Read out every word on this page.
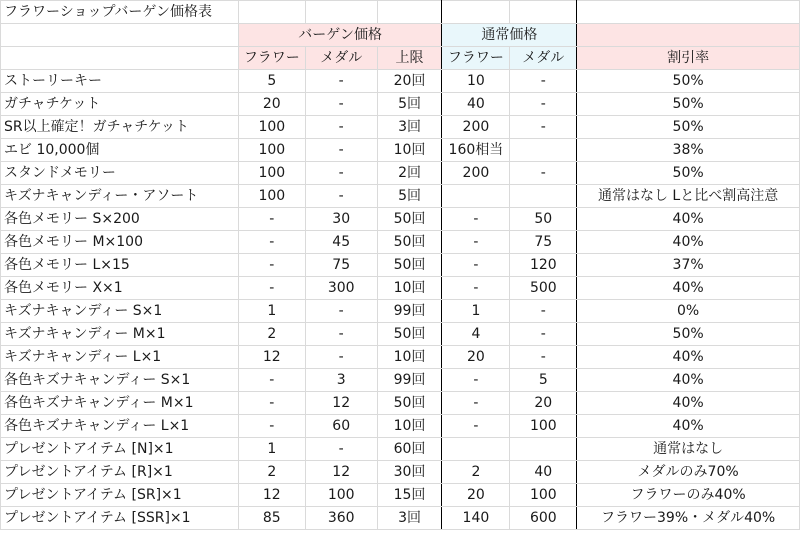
フラワーショップバーゲン価格表						
	バーゲン価格			通常価格		
	フラワー	メダル	上限	フラワー	メダル	割引率
ストーリーキー	5	-	20回	10	-	50%
ガチャチケット	20	-	5回	40	-	50%
SR以上確定！ガチャチケット	100	-	3回	200	-	50%
エビ 10,000個	100	-	10回	160相当		38%
スタンドメモリー	100	-	2回	200	-	50%
キズナキャンディー・アソート	100	-	5回			通常はなし Lと比べ割高注意
各色メモリー S×200	-	30	50回	-	50	40%
各色メモリー M×100	-	45	50回	-	75	40%
各色メモリー L×15	-	75	50回	-	120	37%
各色メモリー X×1	-	300	10回	-	500	40%
キズナキャンディー S×1	1	-	99回	1	-	0%
キズナキャンディー M×1	2	-	50回	4	-	50%
キズナキャンディー L×1	12	-	10回	20	-	40%
各色キズナキャンディー S×1	-	3	99回	-	5	40%
各色キズナキャンディー M×1	-	12	50回	-	20	40%
各色キズナキャンディー L×1	-	60	10回	-	100	40%
プレゼントアイテム [N]×1	1	-	60回			通常はなし
プレゼントアイテム [R]×1	2	12	30回	2	40	メダルのみ70%
プレゼントアイテム [SR]×1	12	100	15回	20	100	フラワーのみ40%
プレゼントアイテム [SSR]×1	85	360	3回	140	600	フラワー39%・メダル40%
